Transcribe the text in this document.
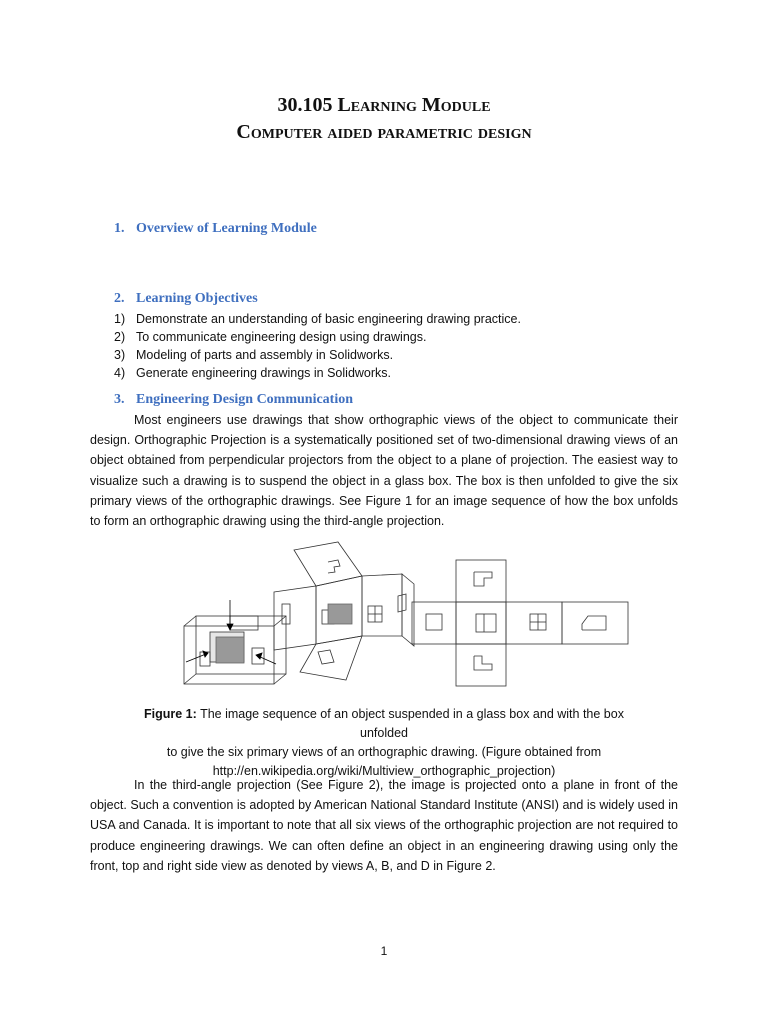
30.105 Learning Module
Computer aided parametric design
1. Overview of Learning Module
2. Learning Objectives
1) Demonstrate an understanding of basic engineering drawing practice.
2) To communicate engineering design using drawings.
3) Modeling of parts and assembly in Solidworks.
4) Generate engineering drawings in Solidworks.
3. Engineering Design Communication

Most engineers use drawings that show orthographic views of the object to communicate their design. Orthographic Projection is a systematically positioned set of two-dimensional drawing views of an object obtained from perpendicular projectors from the object to a plane of projection. The easiest way to visualize such a drawing is to suspend the object in a glass box. The box is then unfolded to give the six primary views of the orthographic drawings. See Figure 1 for an image sequence of how the box unfolds to form an orthographic drawing using the third-angle projection.

Figure 1: The image sequence of an object suspended in a glass box and with the box unfolded
to give the six primary views of an orthographic drawing. (Figure obtained from
http://en.wikipedia.org/wiki/Multiview_orthographic_projection)

In the third-angle projection (See Figure 2), the image is projected onto a plane in front of the object. Such a convention is adopted by American National Standard Institute (ANSI) and is widely used in USA and Canada. It is important to note that all six views of the orthographic projection are not required to produce engineering drawings. We can often define an object in an engineering drawing using only the front, top and right side view as denoted by views A, B, and D in Figure 2.

1
